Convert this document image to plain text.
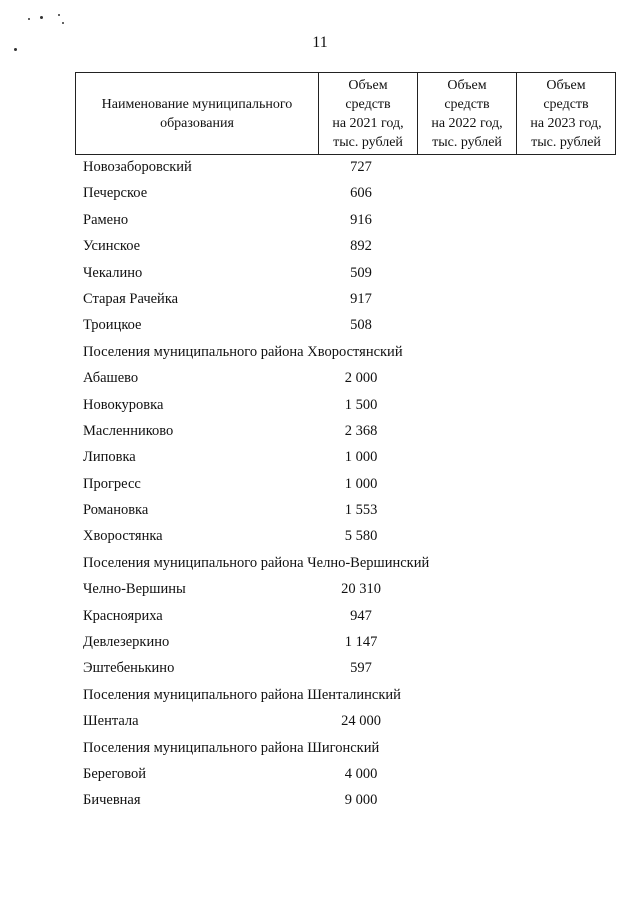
11
Наименование муниципального образования	
Объем
средств
на 2021 год,
тыс. рублей

Объем
средств
на 2022 год,
тыс. рублей

Объем
средств
на 2023 год,
тыс. рублей
Новозаборовский	727
Печерское	606
Рамено	916
Усинское	892
Чекалино	509
Старая Рачейка	917
Троицкое	508
Поселения муниципального района Хворостянский
Абашево	2 000
Новокуровка	1 500
Масленниково	2 368
Липовка	1 000
Прогресс	1 000
Романовка	1 553
Хворостянка	5 580
Поселения муниципального района Челно-Вершинский
Челно-Вершины	20 310
Краснояриха	947
Девлезеркино	1 147
Эштебенькино	597
Поселения муниципального района Шенталинский
Шентала	24 000
Поселения муниципального района Шигонский
Береговой	4 000
Бичевная	9 000
